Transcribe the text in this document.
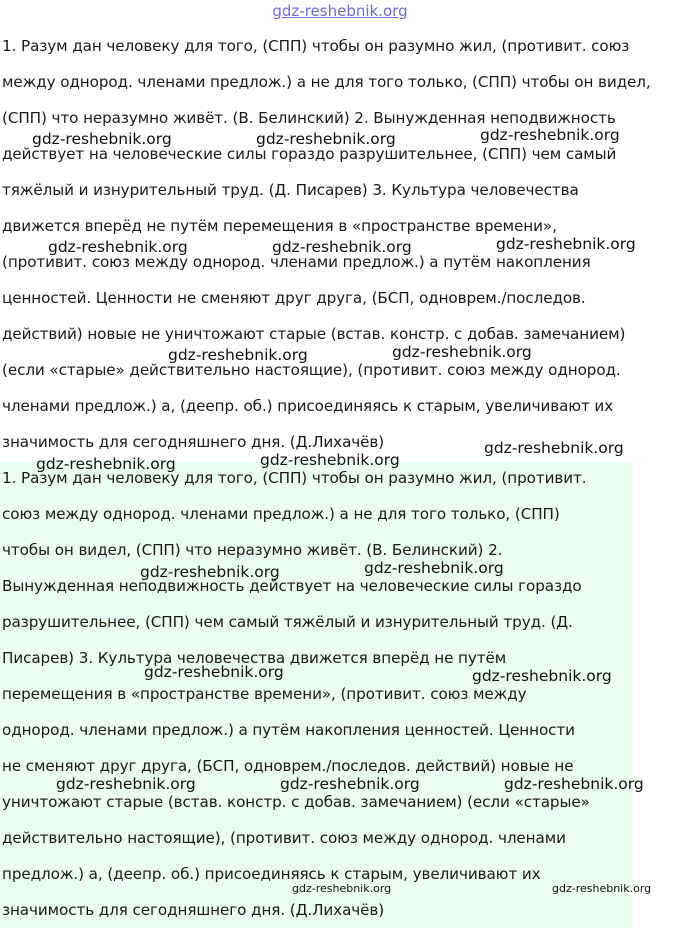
gdz-reshebnik.org
1. Разум дан человеку для того, (СПП) чтобы он разумно жил, (противит. союз
между однород. членами предлож.) а не для того только, (СПП) чтобы он видел,
(СПП) что неразумно живёт. (В. Белинский) 2. Вынужденная неподвижность
действует на человеческие силы гораздо разрушительнее, (СПП) чем самый
тяжёлый и изнурительный труд. (Д. Писарев) 3. Культура человечества
движется вперёд не путём перемещения в «пространстве времени»,
(противит. союз между однород. членами предлож.) а путём накопления
ценностей. Ценности не сменяют друг друга, (БСП, одноврем./последов.
действий) новые не уничтожают старые (встав. констр. с добав. замечанием)
(если «старые» действительно настоящие), (противит. союз между однород.
членами предлож.) а, (деепр. об.) присоединяясь к старым, увеличивают их
значимость для сегодняшнего дня. (Д.Лихачёв)
1. Разум дан человеку для того, (СПП) чтобы он разумно жил, (противит.
союз между однород. членами предлож.) а не для того только, (СПП)
чтобы он видел, (СПП) что неразумно живёт. (В. Белинский) 2.
Вынужденная неподвижность действует на человеческие силы гораздо
разрушительнее, (СПП) чем самый тяжёлый и изнурительный труд. (Д.
Писарев) 3. Культура человечества движется вперёд не путём
перемещения в «пространстве времени», (противит. союз между
однород. членами предлож.) а путём накопления ценностей. Ценности
не сменяют друг друга, (БСП, одноврем./последов. действий) новые не
уничтожают старые (встав. констр. с добав. замечанием) (если «старые»
действительно настоящие), (противит. союз между однород. членами
предлож.) а, (деепр. об.) присоединяясь к старым, увеличивают их
значимость для сегодняшнего дня. (Д.Лихачёв)
gdz-reshebnik.org	gdz-reshebnik.org	gdz-reshebnik.org
gdz-reshebnik.org	gdz-reshebnik.org	gdz-reshebnik.org
gdz-reshebnik.org	gdz-reshebnik.org
gdz-reshebnik.org
gdz-reshebnik.org	gdz-reshebnik.org
gdz-reshebnik.org	gdz-reshebnik.org
gdz-reshebnik.org	gdz-reshebnik.org
gdz-reshebnik.org	gdz-reshebnik.org	gdz-reshebnik.org
gdz-reshebnik.org	gdz-reshebnik.org
